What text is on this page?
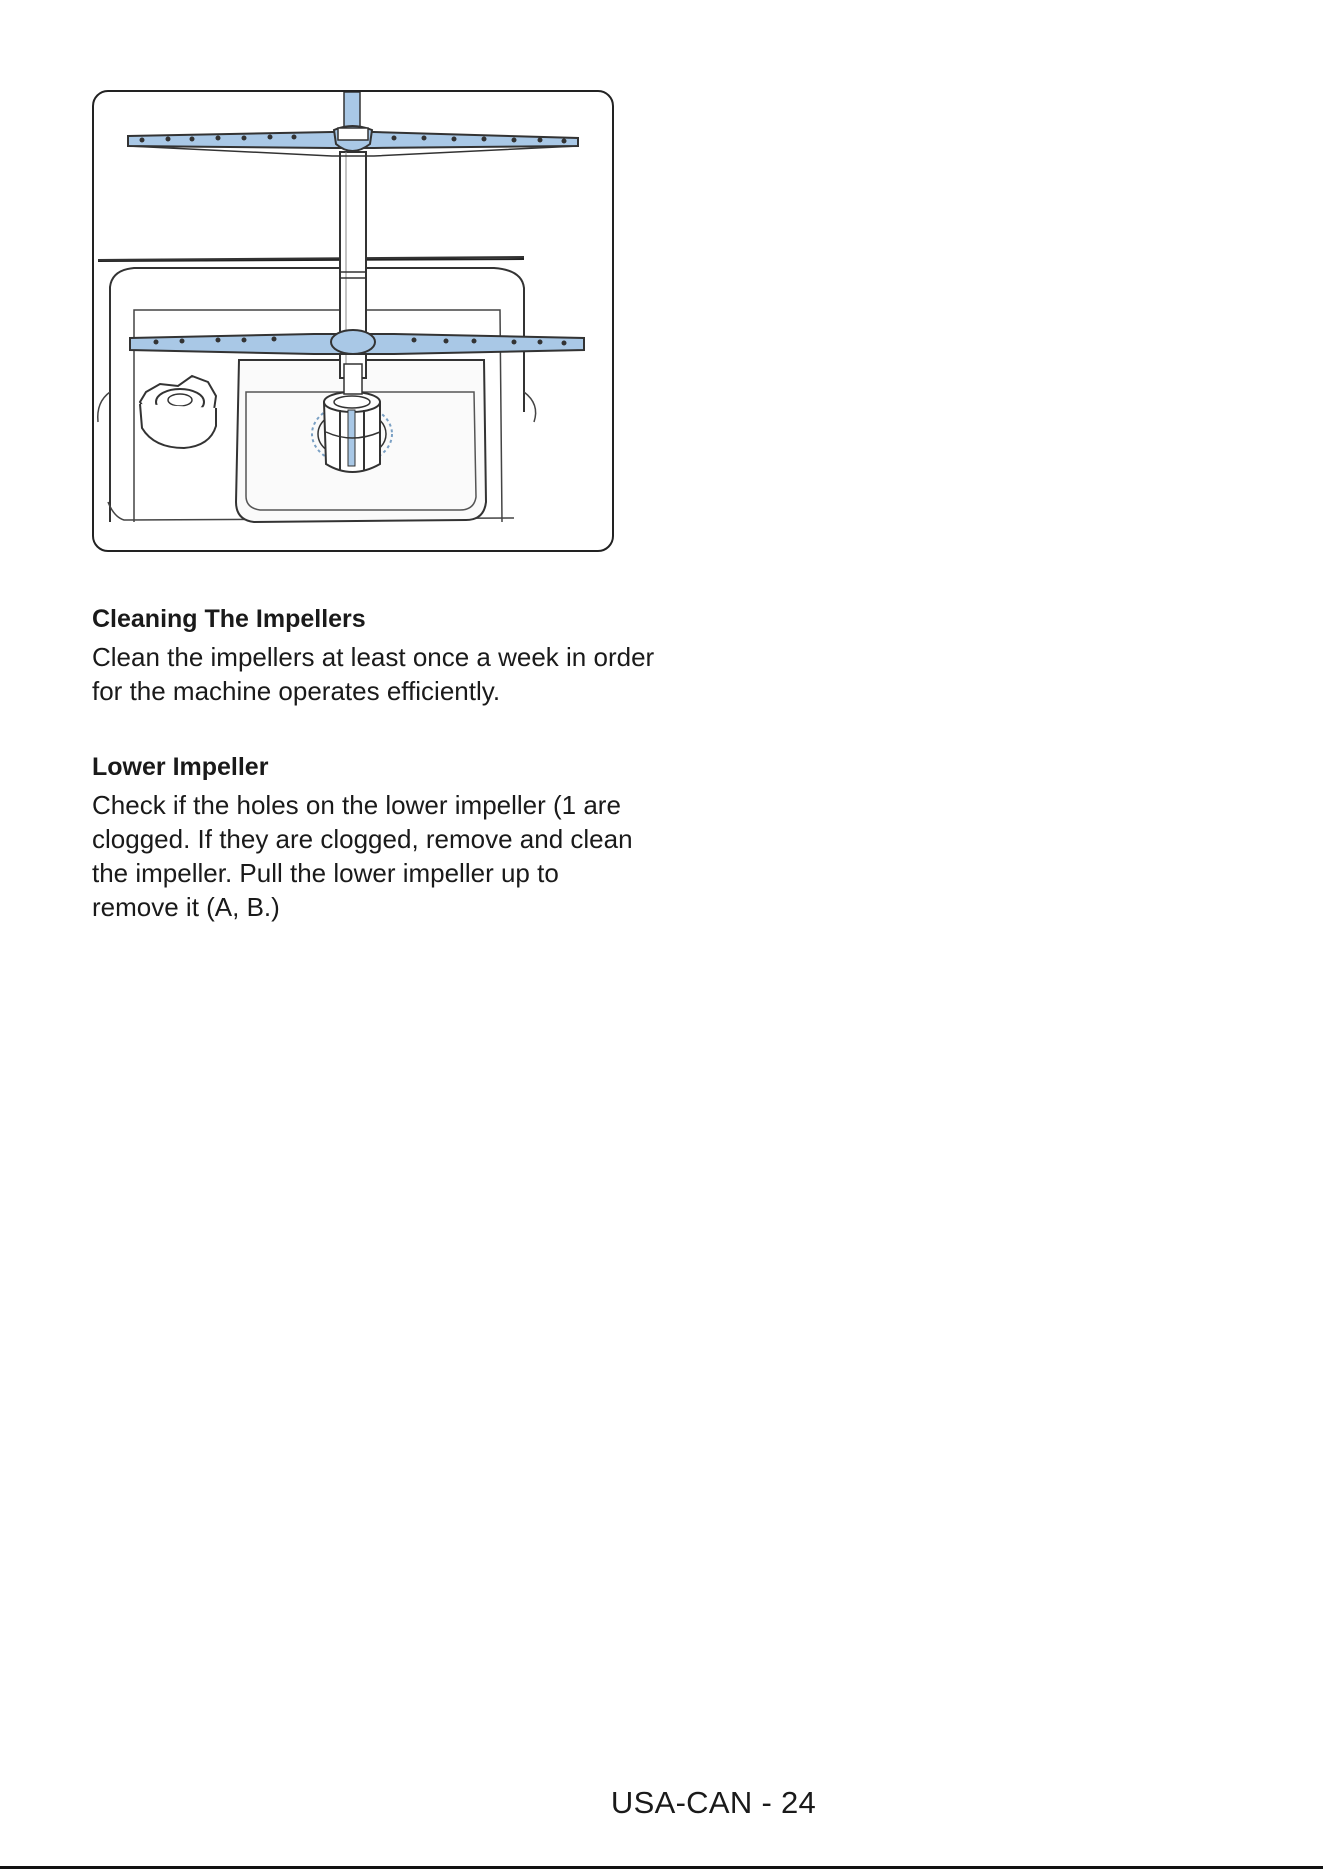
Cleaning The Impellers

Clean the impellers at least once a week in order for the machine operates efficiently.

Lower Impeller

Check if the holes on the lower impeller (1 are clogged. If they are clogged, remove and clean the impeller. Pull the lower impeller up to remove it (A, B.)

USA-CAN - 24
